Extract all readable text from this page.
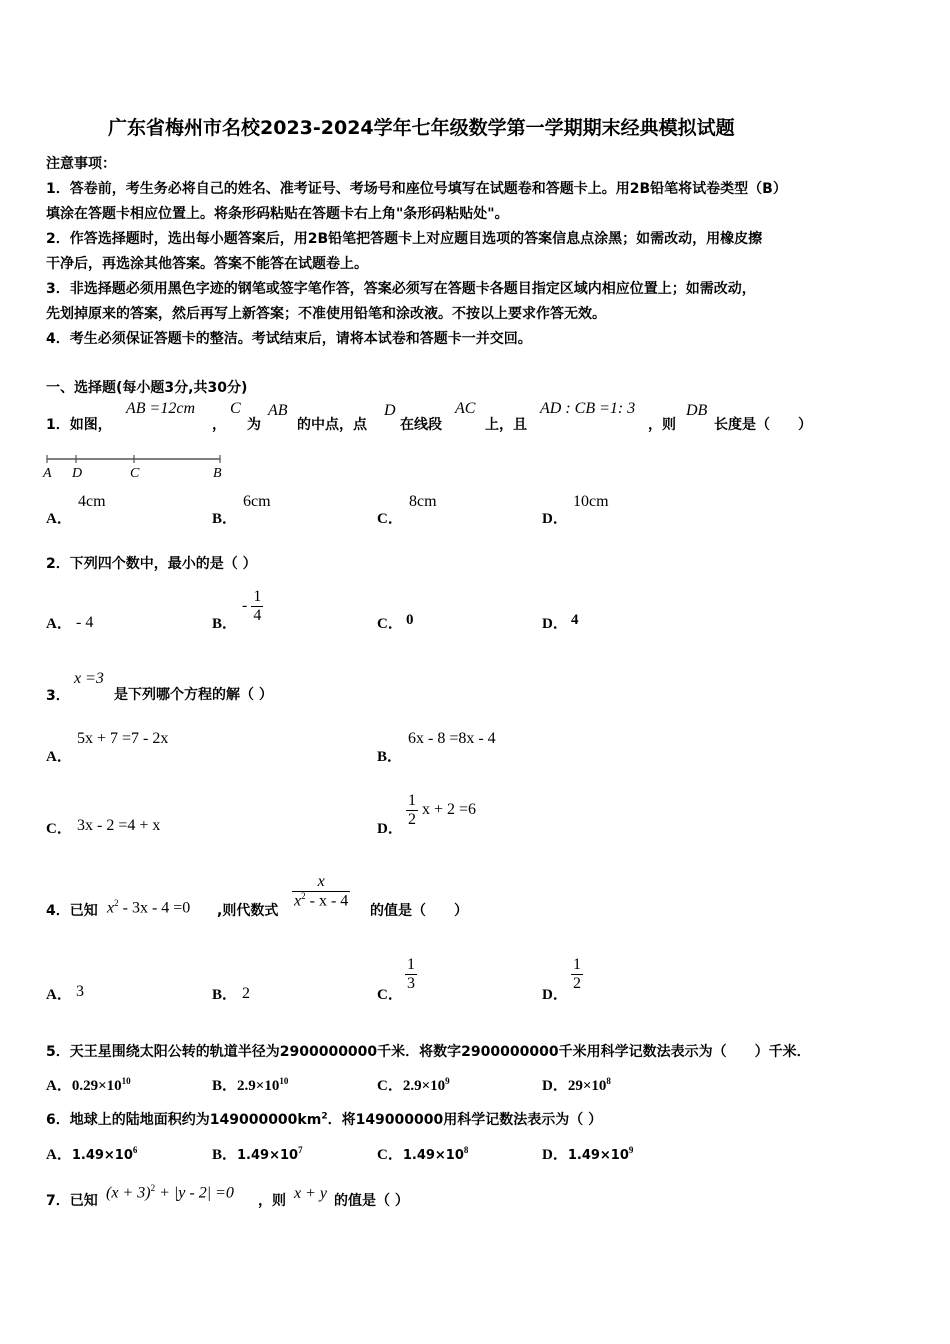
广东省梅州市名校2023-2024学年七年级数学第一学期期末经典模拟试题
注意事项：
1．答卷前，考生务必将自己的姓名、准考证号、考场号和座位号填写在试题卷和答题卡上。用2B铅笔将试卷类型（B）
填涂在答题卡相应位置上。将条形码粘贴在答题卡右上角"条形码粘贴处"。
2．作答选择题时，选出每小题答案后，用2B铅笔把答题卡上对应题目选项的答案信息点涂黑；如需改动，用橡皮擦
干净后，再选涂其他答案。答案不能答在试题卷上。
3．非选择题必须用黑色字迹的钢笔或签字笔作答，答案必须写在答题卡各题目指定区域内相应位置上；如需改动，
先划掉原来的答案，然后再写上新答案；不准使用铅笔和涂改液。不按以上要求作答无效。
4．考生必须保证答题卡的整洁。考试结束后，请将本试卷和答题卡一并交回。
一、选择题(每小题3分,共30分)
1．如图，
AB =12cm
，
C
为
AB
的中点，点
D
在线段
AC
上，且
AD : CB =1: 3
，则
DB
长度是（　　）
A D	C	B
A．
4cm
B．
6cm
C．
8cm
D．
10cm
2．下列四个数中，最小的是（ ）
A． - 4	B．
- $\frac{1}{4}$	C． 0	D． 4
3．
x =3
是下列哪个方程的解（ ）
A．
5x + 7 =7 - 2x
B．
6x - 8 =8x - 4
C． 3x - 2 =4 + x	D．
$\frac{1}{2}$ x + 2 =6
4．已知 $x^2 - 3x - 4 =0$ ,则代数式
$\frac{x}{x^2 - x - 4}$
的值是（　　）
A． 3	B． 2	C．
$\frac{1}{3}$
D．
$\frac{1}{2}$
5．天王星围绕太阳公转的轨道半径为2900000000千米．将数字2900000000千米用科学记数法表示为（　　）千米．
A．$0.29\times 10^{10}$	B．$2.9\times 10^{10}$	C．$2.9\times 10^9$	D．$29\times 10^8$
6．地球上的陆地面积约为$149000000km^2$．将149000000用科学记数法表示为（ ）
A．$1.49\times 10^6$	B．$1.49\times 10^7$	C．$1.49\times 10^8$	D．$1.49\times 10^9$
7．已知 $(x + 3)^2 + |y - 2| =0$ ，则 x + y 的值是（ ）
